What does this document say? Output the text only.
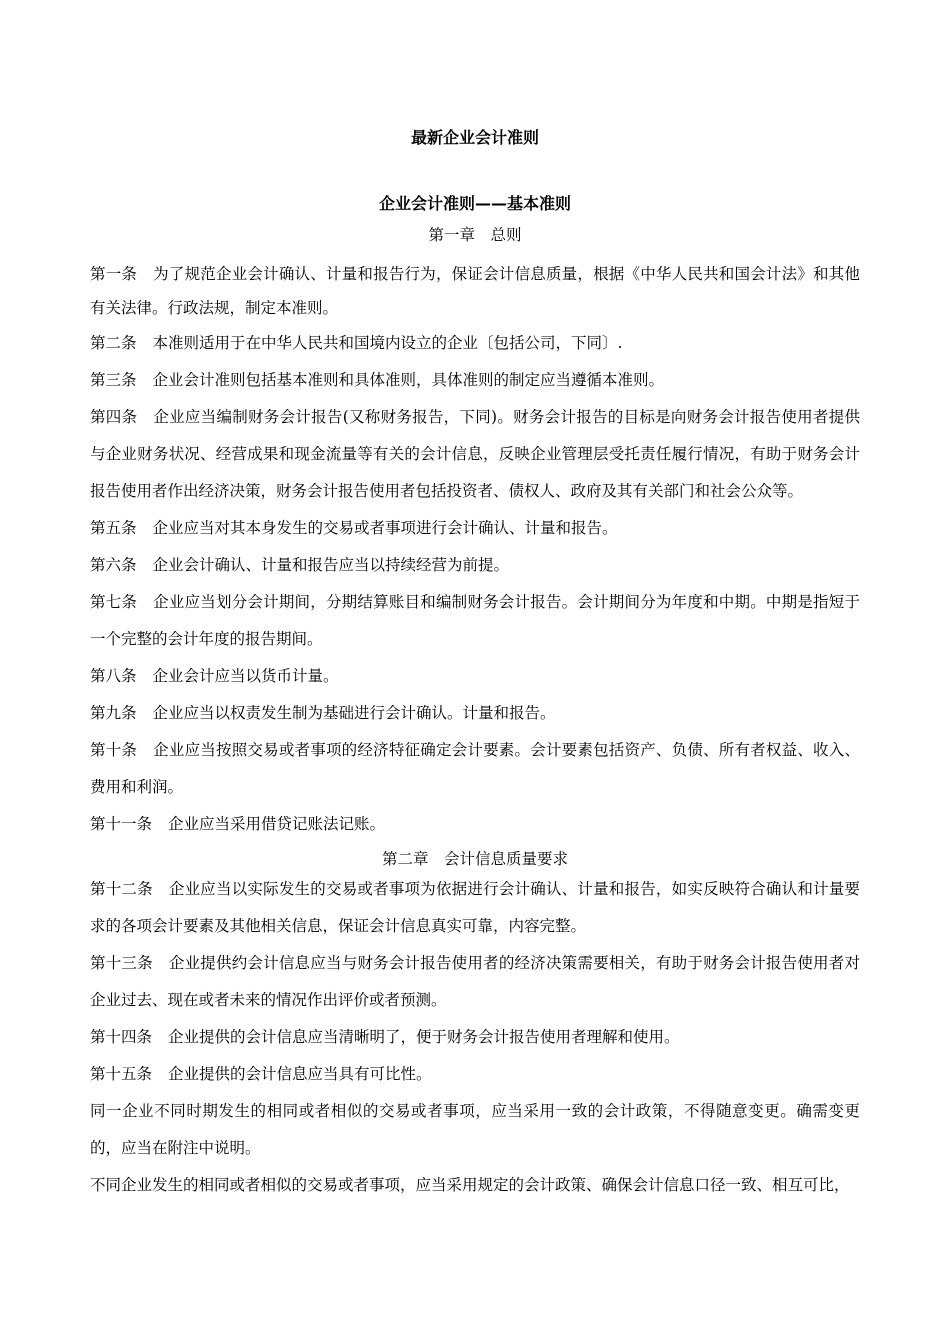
最新企业会计准则
企业会计准则——基本准则
第一章　总则

第一条 为了规范企业会计确认、计量和报告行为，保证会计信息质量，根据《中华人民共和国会计法》和其他有关法律。行政法规，制定本准则。

第二条 本准则适用于在中华人民共和国境内设立的企业〔包括公司，下同〕.

第三条 企业会计准则包括基本准则和具体准则，具体准则的制定应当遵循本准则。

第四条 企业应当编制财务会计报告(又称财务报告，下同)。财务会计报告的目标是向财务会计报告使用者提供与企业财务状况、经营成果和现金流量等有关的会计信息，反映企业管理层受托责任履行情况，有助于财务会计报告使用者作出经济决策，财务会计报告使用者包括投资者、债权人、政府及其有关部门和社会公众等。

第五条 企业应当对其本身发生的交易或者事项进行会计确认、计量和报告。

第六条 企业会计确认、计量和报告应当以持续经营为前提。

第七条 企业应当划分会计期间，分期结算账目和编制财务会计报告。会计期间分为年度和中期。中期是指短于一个完整的会计年度的报告期间。

第八条 企业会计应当以货币计量。

第九条 企业应当以权责发生制为基础进行会计确认。计量和报告。

第十条 企业应当按照交易或者事项的经济特征确定会计要素。会计要素包括资产、负债、所有者权益、收入、费用和利润。

第十一条 企业应当采用借贷记账法记账。

第二章　会计信息质量要求

第十二条 企业应当以实际发生的交易或者事项为依据进行会计确认、计量和报告，如实反映符合确认和计量要求的各项会计要素及其他相关信息，保证会计信息真实可靠，内容完整。

第十三条 企业提供约会计信息应当与财务会计报告使用者的经济决策需要相关，有助于财务会计报告使用者对企业过去、现在或者未来的情况作出评价或者预测。

第十四条 企业提供的会计信息应当清晰明了，便于财务会计报告使用者理解和使用。

第十五条 企业提供的会计信息应当具有可比性。

同一企业不同时期发生的相同或者相似的交易或者事项，应当采用一致的会计政策，不得随意变更。确需变更的，应当在附注中说明。

不同企业发生的相同或者相似的交易或者事项，应当采用规定的会计政策、确保会计信息口径一致、相互可比，
